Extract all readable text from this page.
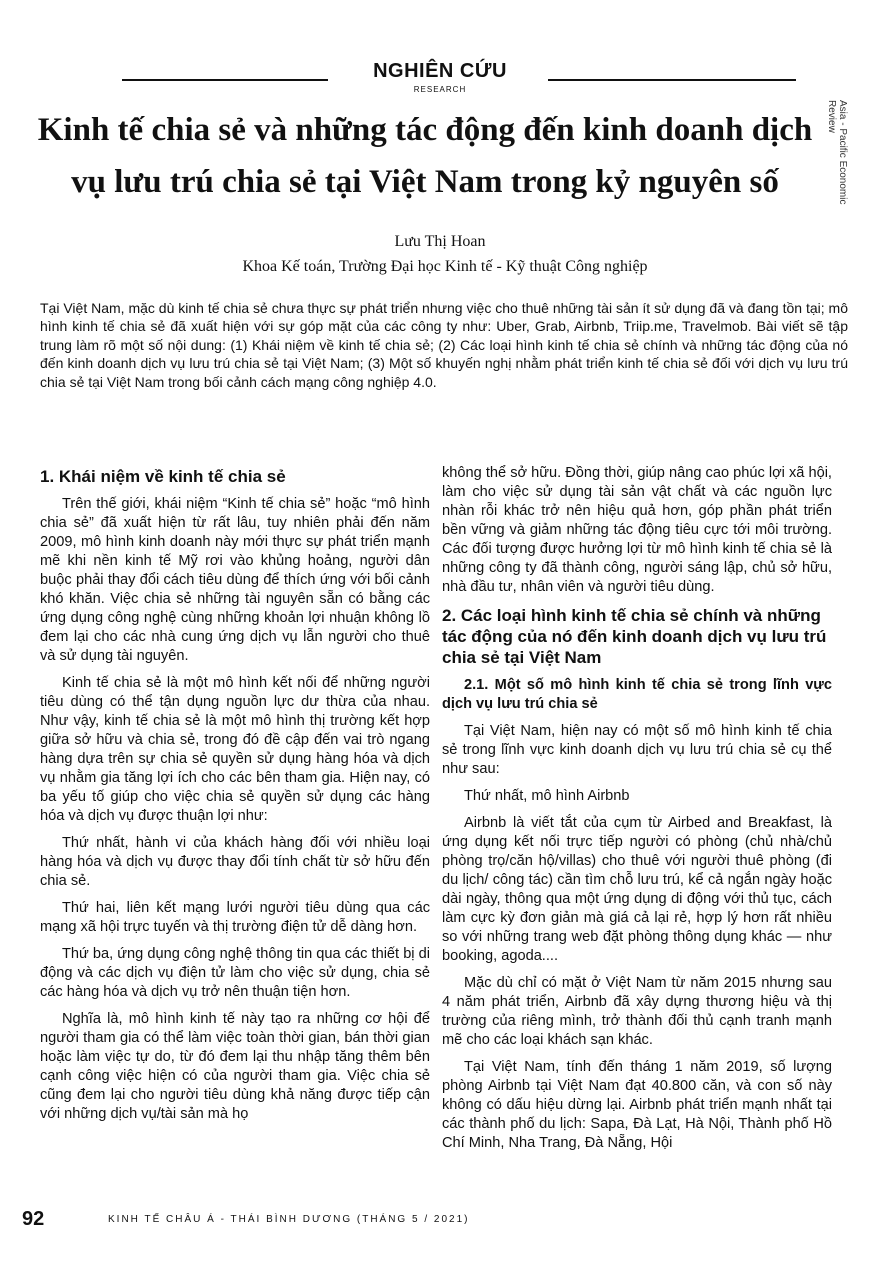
NGHIÊN CỨU
RESEARCH
Kinh tế chia sẻ và những tác động đến kinh doanh dịch vụ lưu trú chia sẻ tại Việt Nam trong kỷ nguyên số	Asia - Pacific Economic Review
Lưu Thị Hoan
Khoa Kế toán, Trường Đại học Kinh tế - Kỹ thuật Công nghiệp
Tại Việt Nam, mặc dù kinh tế chia sẻ chưa thực sự phát triển nhưng việc cho thuê những tài sản ít sử dụng đã và đang tồn tại; mô hình kinh tế chia sẻ đã xuất hiện với sự góp mặt của các công ty như: Uber, Grab, Airbnb, Triip.me, Travelmob. Bài viết sẽ tập trung làm rõ một số nội dung: (1) Khái niệm về kinh tế chia sẻ; (2) Các loại hình kinh tế chia sẻ chính và những tác động của nó đến kinh doanh dịch vụ lưu trú chia sẻ tại Việt Nam; (3) Một số khuyến nghị nhằm phát triển kinh tế chia sẻ đối với dịch vụ lưu trú chia sẻ tại Việt Nam trong bối cảnh cách mạng công nghiệp 4.0.
1. Khái niệm về kinh tế chia sẻ

Trên thế giới, khái niệm “Kinh tế chia sẻ” hoặc “mô hình chia sẻ” đã xuất hiện từ rất lâu, tuy nhiên phải đến năm 2009, mô hình kinh doanh này mới thực sự phát triển mạnh mẽ khi nền kinh tế Mỹ rơi vào khủng hoảng, người dân buộc phải thay đổi cách tiêu dùng để thích ứng với bối cảnh khó khăn. Việc chia sẻ những tài nguyên sẵn có bằng các ứng dụng công nghệ cùng những khoản lợi nhuận không lồ đem lại cho các nhà cung ứng dịch vụ lẫn người cho thuê và sử dụng tài nguyên.

Kinh tế chia sẻ là một mô hình kết nối để những người tiêu dùng có thể tận dụng nguồn lực dư thừa của nhau. Như vậy, kinh tế chia sẻ là một mô hình thị trường kết hợp giữa sở hữu và chia sẻ, trong đó đề cập đến vai trò ngang hàng dựa trên sự chia sẻ quyền sử dụng hàng hóa và dịch vụ nhằm gia tăng lợi ích cho các bên tham gia. Hiện nay, có ba yếu tố giúp cho việc chia sẻ quyền sử dụng các hàng hóa và dịch vụ được thuận lợi như:

Thứ nhất, hành vi của khách hàng đối với nhiều loại hàng hóa và dịch vụ được thay đổi tính chất từ sở hữu đến chia sẻ.

Thứ hai, liên kết mạng lưới người tiêu dùng qua các mạng xã hội trực tuyến và thị trường điện tử dễ dàng hơn.

Thứ ba, ứng dụng công nghệ thông tin qua các thiết bị di động và các dịch vụ điện tử làm cho việc sử dụng, chia sẻ các hàng hóa và dịch vụ trở nên thuận tiện hơn.

Nghĩa là, mô hình kinh tế này tạo ra những cơ hội để người tham gia có thể làm việc toàn thời gian, bán thời gian hoặc làm việc tự do, từ đó đem lại thu nhập tăng thêm bên cạnh công việc hiện có của người tham gia. Việc chia sẻ cũng đem lại cho người tiêu dùng khả năng được tiếp cận với những dịch vụ/tài sản mà họ

không thể sở hữu. Đồng thời, giúp nâng cao phúc lợi xã hội, làm cho việc sử dụng tài sản vật chất và các nguồn lực nhàn rỗi khác trở nên hiệu quả hơn, góp phần phát triển bền vững và giảm những tác động tiêu cực tới môi trường. Các đối tượng được hưởng lợi từ mô hình kinh tế chia sẻ là những công ty đã thành công, người sáng lập, chủ sở hữu, nhà đầu tư, nhân viên và người tiêu dùng.

2. Các loại hình kinh tế chia sẻ chính và những tác động của nó đến kinh doanh dịch vụ lưu trú chia sẻ tại Việt Nam
2.1. Một số mô hình kinh tế chia sẻ trong lĩnh vực dịch vụ lưu trú chia sẻ

Tại Việt Nam, hiện nay có một số mô hình kinh tế chia sẻ trong lĩnh vực kinh doanh dịch vụ lưu trú chia sẻ cụ thể như sau:

Thứ nhất, mô hình Airbnb

Airbnb là viết tắt của cụm từ Airbed and Breakfast, là ứng dụng kết nối trực tiếp người có phòng (chủ nhà/chủ phòng trọ/căn hộ/villas) cho thuê với người thuê phòng (đi du lịch/ công tác) cần tìm chỗ lưu trú, kể cả ngắn ngày hoặc dài ngày, thông qua một ứng dụng di động với thủ tục, cách làm cực kỳ đơn giản mà giá cả lại rẻ, hợp lý hơn rất nhiều so với những trang web đặt phòng thông dụng khác — như booking, agoda....

Mặc dù chỉ có mặt ở Việt Nam từ năm 2015 nhưng sau 4 năm phát triển, Airbnb đã xây dựng thương hiệu và thị trường của riêng mình, trở thành đối thủ cạnh tranh mạnh mẽ cho các loại khách sạn khác.

Tại Việt Nam, tính đến tháng 1 năm 2019, số lượng phòng Airbnb tại Việt Nam đạt 40.800 căn, và con số này không có dấu hiệu dừng lại. Airbnb phát triển mạnh nhất tại các thành phố du lịch: Sapa, Đà Lạt, Hà Nội, Thành phố Hồ Chí Minh, Nha Trang, Đà Nẵng, Hội

92	KINH TẾ CHÂU Á - THÁI BÌNH DƯƠNG (THÁNG 5 / 2021)
